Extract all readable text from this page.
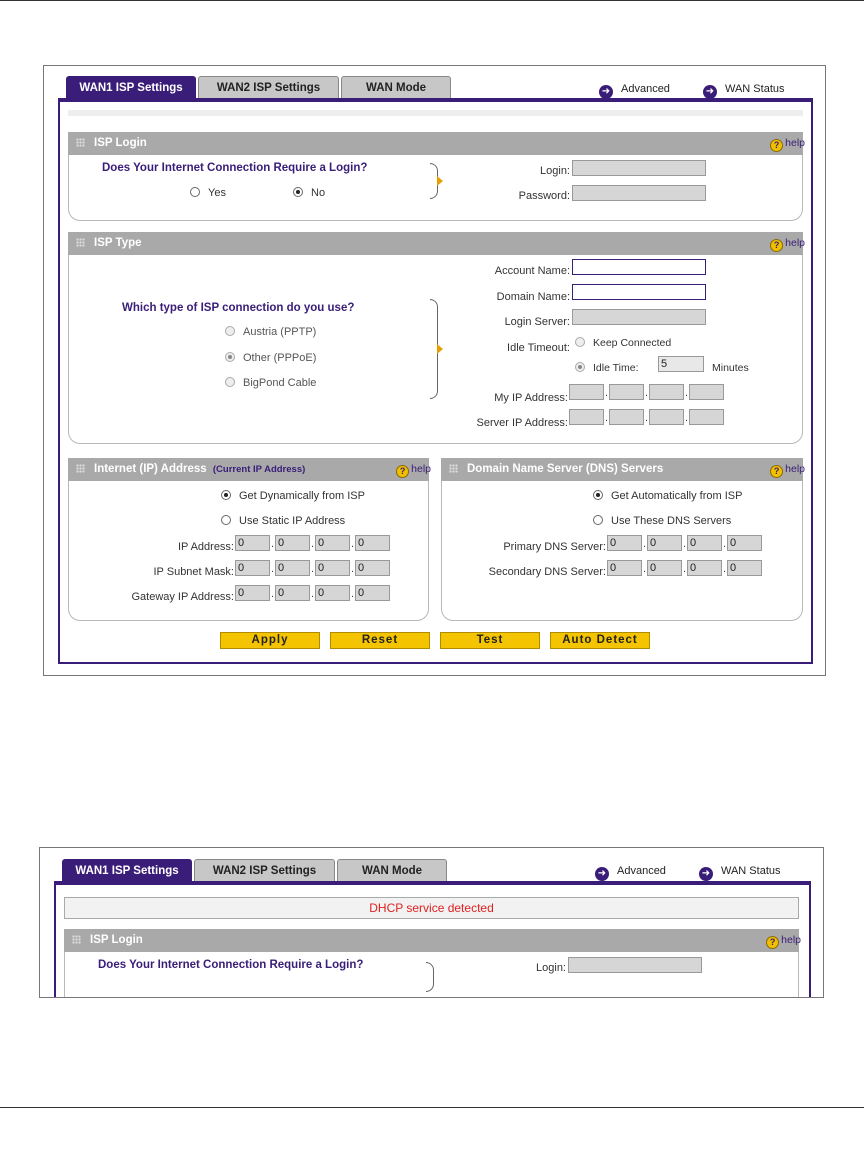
WAN1 ISP Settings	WAN2 ISP Settings	WAN Mode	➜ Advanced	➜ WAN Status
ISP Login	? help
Does Your Internet Connection Require a Login?
Yes	No
Login:
Password:
ISP Type	? help
Which type of ISP connection do you use?
Austria (PPTP)
Other (PPPoE)
BigPond Cable
Account Name:
Domain Name:
Login Server:
Idle Timeout:	Keep Connected
Idle Time: 5	Minutes
My IP Address:	.	.	.
Server IP Address:	.	.	.
Internet (IP) Address (Current IP Address)	? help
Get Dynamically from ISP
Use Static IP Address
IP Address: 0	. 0	. 0	. 0
IP Subnet Mask: 0	. 0	. 0	. 0
Gateway IP Address: 0	. 0	. 0	. 0
Domain Name Server (DNS) Servers	? help
Get Automatically from ISP
Use These DNS Servers
Primary DNS Server: 0	. 0	. 0	. 0
Secondary DNS Server: 0	. 0	. 0	. 0
Apply	Reset	Test	Auto Detect
WAN1 ISP Settings	WAN2 ISP Settings	WAN Mode	➜ Advanced	➜ WAN Status
DHCP service detected
ISP Login	? help
Does Your Internet Connection Require a Login?	Login:
